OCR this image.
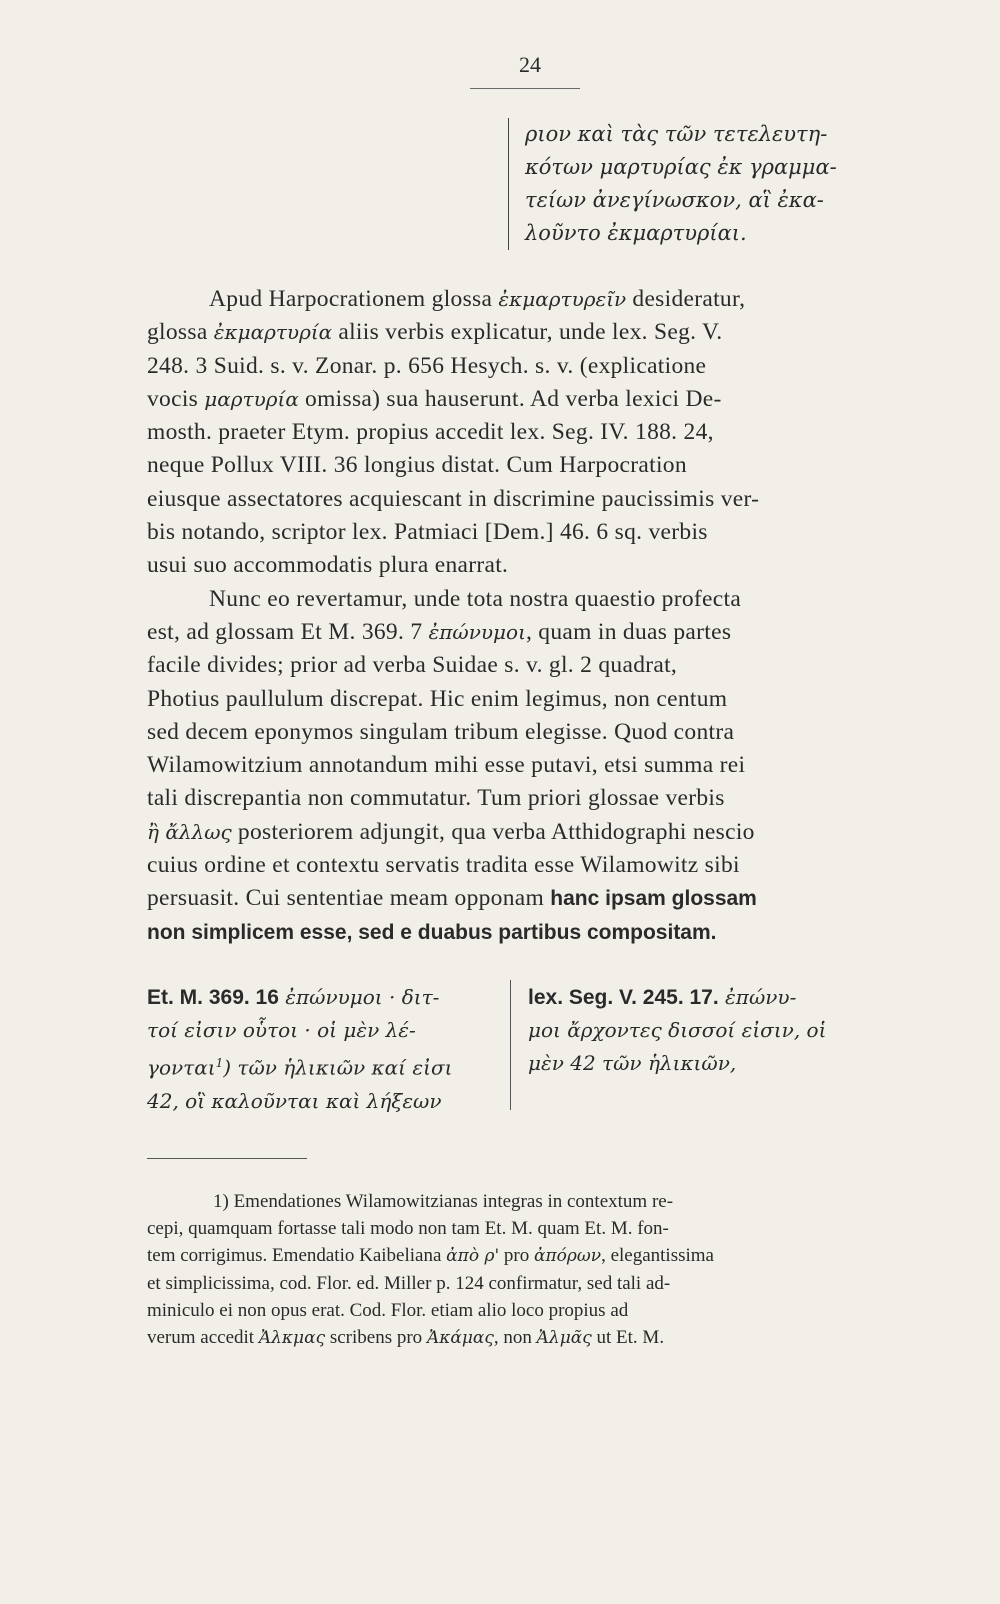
24
ριον καὶ τὰς τῶν τετελευτη-
κότων μαρτυρίας ἐκ γραμμα-
τείων ἀνεγίνωσκον, αἳ ἐκα-
λοῦντο ἐκμαρτυρίαι.
Apud Harpocrationem glossa ἐκμαρτυρεῖν desideratur,
glossa ἐκμαρτυρία aliis verbis explicatur, unde lex. Seg. V.
248. 3 Suid. s. v. Zonar. p. 656 Hesych. s. v. (explicatione
vocis μαρτυρία omissa) sua hauserunt. Ad verba lexici De-
mosth. praeter Etym. propius accedit lex. Seg. IV. 188. 24,
neque Pollux VIII. 36 longius distat. Cum Harpocration
eiusque assectatores acquiescant in discrimine paucissimis ver-
bis notando, scriptor lex. Patmiaci [Dem.] 46. 6 sq. verbis
usui suo accommodatis plura enarrat.
Nunc eo revertamur, unde tota nostra quaestio profecta
est, ad glossam Et M. 369. 7 ἐπώνυμοι, quam in duas partes
facile divides; prior ad verba Suidae s. v. gl. 2 quadrat,
Photius paullulum discrepat. Hic enim legimus, non centum
sed decem eponymos singulam tribum elegisse. Quod contra
Wilamowitzium annotandum mihi esse putavi, etsi summa rei
tali discrepantia non commutatur. Tum priori glossae verbis
ἢ ἄλλως posteriorem adjungit, qua verba Atthidographi nescio
cuius ordine et contextu servatis tradita esse Wilamowitz sibi
persuasit. Cui sententiae meam opponam hanc ipsam glossam
non simplicem esse, sed e duabus partibus compositam.
Et. M. 369. 16 ἐπώνυμοι · διτ-
τοί εἰσιν οὗτοι · οἱ μὲν λέ-
γονται$^1$) τῶν ἡλικιῶν καί εἰσι
42, οἳ καλοῦνται καὶ λήξεων
lex. Seg. V. 245. 17. ἐπώνυ-
μοι ἄρχοντες δισσοί εἰσιν, οἱ
μὲν 42 τῶν ἡλικιῶν,
1) Emendationes Wilamowitzianas integras in contextum re-
cepi, quamquam fortasse tali modo non tam Et. M. quam Et. M. fon-
tem corrigimus. Emendatio Kaibeliana ἀπὸ ρ' pro ἀπόρων, elegantissima
et simplicissima, cod. Flor. ed. Miller p. 124 confirmatur, sed tali ad-
miniculo ei non opus erat. Cod. Flor. etiam alio loco propius ad
verum accedit Ἀλκμας scribens pro Ἀκάμας, non Ἀλμᾶς ut Et. M.
